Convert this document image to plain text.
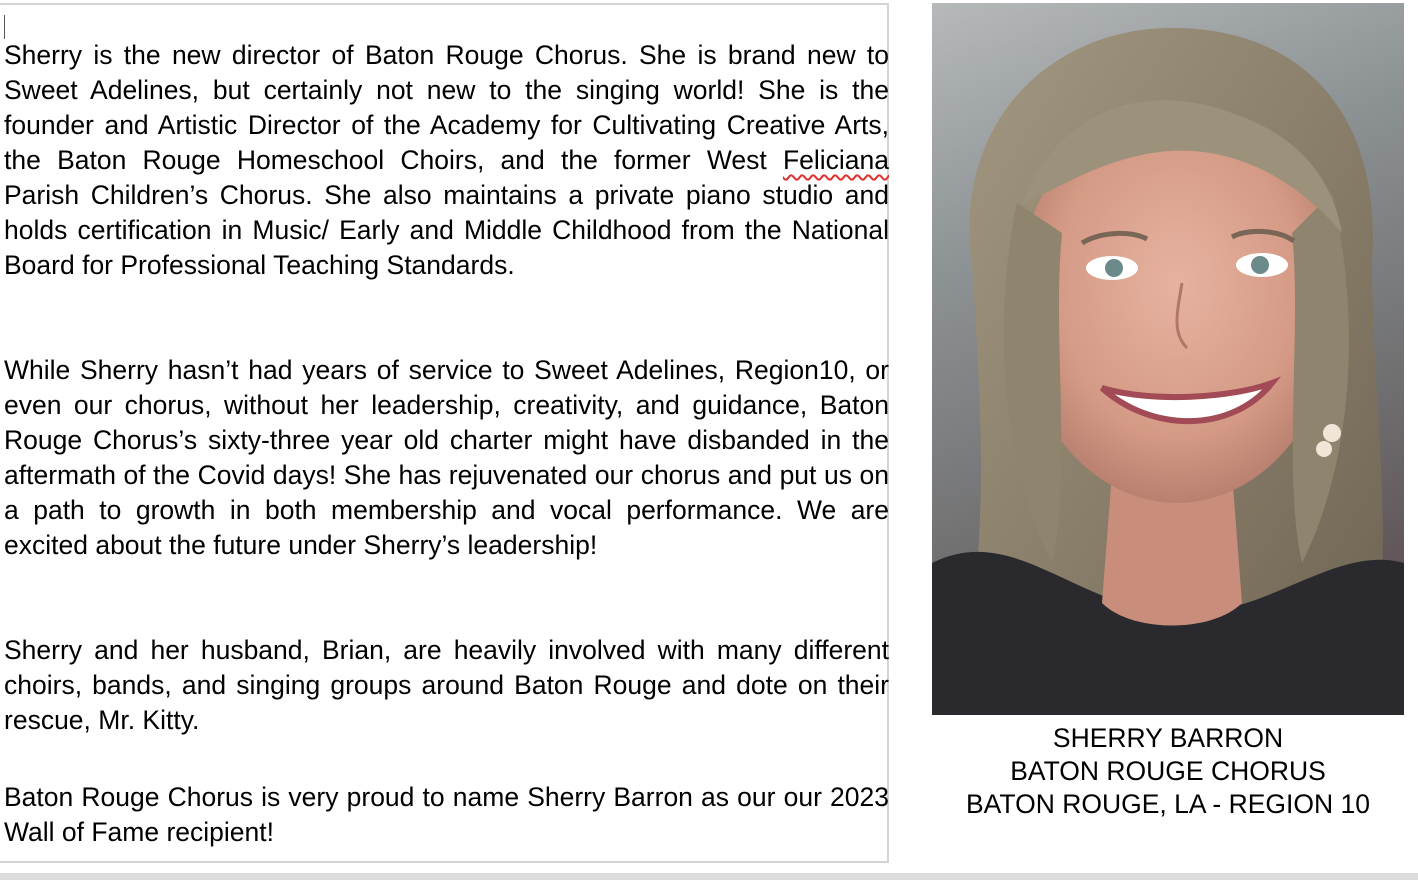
Sherry is the new director of Baton Rouge Chorus. She is brand new to Sweet Adelines, but certainly not new to the singing world! She is the founder and Artistic Director of the Academy for Cultivating Creative Arts, the Baton Rouge Homeschool Choirs, and the former West Feliciana Parish Children’s Chorus. She also maintains a private piano studio and holds certification in Music/ Early and Middle Childhood from the National Board for Professional Teaching Standards.

While Sherry hasn’t had years of service to Sweet Adelines, Region10, or even our chorus, without her leadership, creativity, and guidance, Baton Rouge Chorus’s sixty-three year old charter might have disbanded in the aftermath of the Covid days! She has rejuvenated our chorus and put us on a path to growth in both membership and vocal performance. We are excited about the future under Sherry’s leadership!

Sherry and her husband, Brian, are heavily involved with many different choirs, bands, and singing groups around Baton Rouge and dote on their rescue, Mr. Kitty.

Baton Rouge Chorus is very proud to name Sherry Barron as our our 2023 Wall of Fame recipient!

SHERRY BARRON
BATON ROUGE CHORUS
BATON ROUGE, LA - REGION 10
